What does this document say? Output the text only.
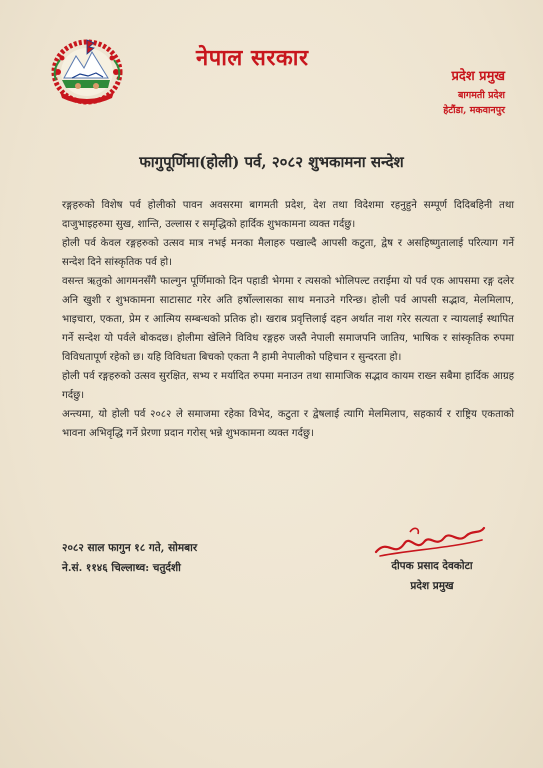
नेपाल सरकार
प्रदेश प्रमुख
बागमती प्रदेश
हेटौंडा, मकवानपुर
फागुपूर्णिमा(होली) पर्व, २०८२ शुभकामना सन्देश

रङ्गहरुको विशेष पर्व होलीको पावन अवसरमा बागमती प्रदेश, देश तथा विदेशमा रहनुहुने सम्पूर्ण दिदिबहिनी तथा दाजुभाइहरुमा सुख, शान्ति, उल्लास र समृद्धिको हार्दिक शुभकामना व्यक्त गर्दछु।

होली पर्व केवल रङ्गहरुको उत्सव मात्र नभई मनका मैलाहरु पखाल्दै आपसी कटुता, द्वेष र असहिष्णुतालाई परित्याग गर्ने सन्देश दिने सांस्कृतिक पर्व हो।

वसन्त ऋतुको आगमनसँगै फाल्गुन पूर्णिमाको दिन पहाडी भेगमा र त्यसको भोलिपल्ट तराईमा यो पर्व एक आपसमा रङ्ग दलेर अनि खुशी र शुभकामना साटासाट गरेर अति हर्षोल्लासका साथ मनाउने गरिन्छ। होली पर्व आपसी सद्भाव, मेलमिलाप, भाइचारा, एकता, प्रेम र आत्मिय सम्बन्धको प्रतिक हो। खराब प्रवृत्तिलाई दहन अर्थात नाश गरेर सत्यता र न्यायलाई स्थापित गर्ने सन्देश यो पर्वले बोकदछ। होलीमा खेलिने विविध रङ्गहरु जस्तै नेपाली समाजपनि जातिय, भाषिक र सांस्कृतिक रुपमा विविधतापूर्ण रहेको छ। यहि विविधता बिचको एकता नै हामी नेपालीको पहिचान र सुन्दरता हो।

होली पर्व रङ्गहरुको उत्सव सुरक्षित, सभ्य र मर्यादित रुपमा मनाउन तथा सामाजिक सद्भाव कायम राख्न सबैमा हार्दिक आग्रह गर्दछु।

अन्त्यमा, यो होली पर्व २०८२ ले समाजमा रहेका विभेद, कटुता र द्वेषलाई त्यागि मेलमिलाप, सहकार्य र राष्ट्रिय एकताको भावना अभिवृद्धि गर्ने प्रेरणा प्रदान गरोस् भन्ने शुभकामना व्यक्त गर्दछु।

२०८२ साल फागुन १८ गते, सोमबार
ने.सं. ११४६ चिल्लाथ्व: चतुर्दशी	दीपक प्रसाद देवकोटा
प्रदेश प्रमुख
